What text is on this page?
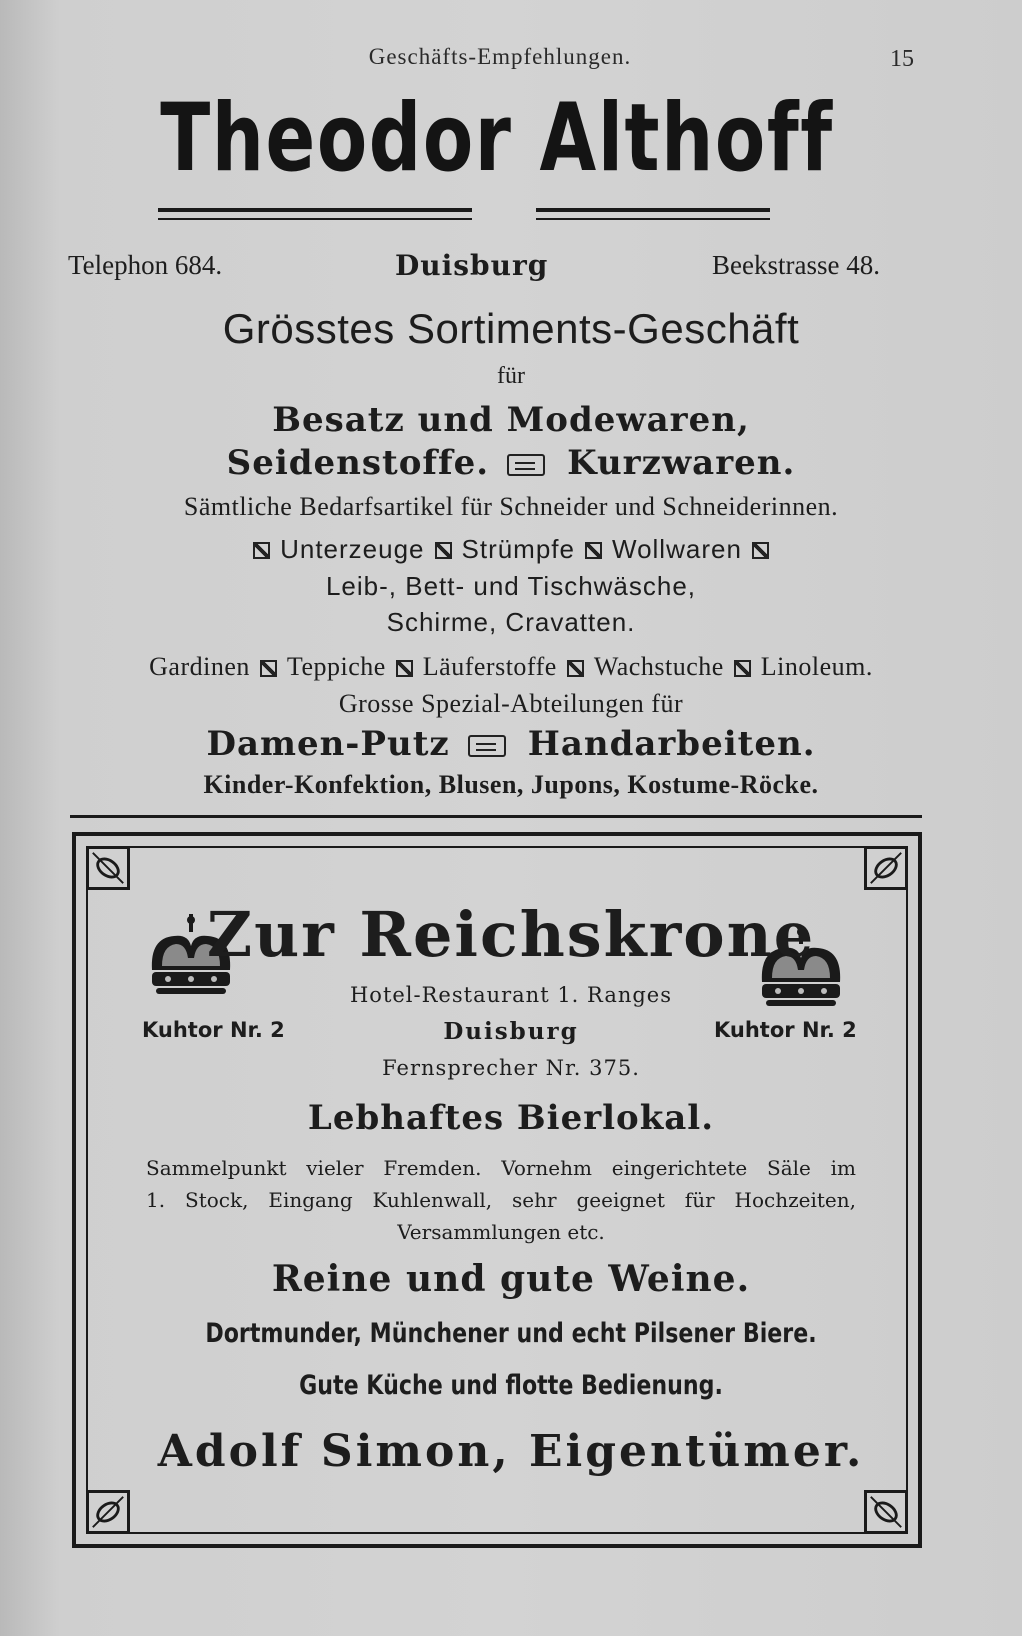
Geschäfts-Empfehlungen.	15
Theodor Althoff
Telephon 684.	Duisburg	Beekstrasse 48.
Grösstes Sortiments-Geschäft
für
Besatz und Modewaren,
Seidenstoffe. Kurzwaren.
Sämtliche Bedarfsartikel für Schneider und Schneiderinnen.
Unterzeuge Strümpfe Wollwaren
Leib-, Bett- und Tischwäsche,
Schirme, Cravatten.
Gardinen Teppiche Läuferstoffe Wachstuche Linoleum.
Grosse Spezial-Abteilungen für
Damen-Putz Handarbeiten.
Kinder-Konfektion, Blusen, Jupons, Kostume-Röcke.
Zur Reichskrone
Hotel-Restaurant 1. Ranges
Kuhtor Nr. 2	Duisburg	Kuhtor Nr. 2
Fernsprecher Nr. 375.
Lebhaftes Bierlokal.
Sammelpunkt vieler Fremden. Vornehm eingerichtete Säle im
1. Stock, Eingang Kuhlenwall, sehr geeignet für Hochzeiten,
Versammlungen etc.
Reine und gute Weine.
Dortmunder, Münchener und echt Pilsener Biere.
Gute Küche und flotte Bedienung.
Adolf Simon, Eigentümer.
